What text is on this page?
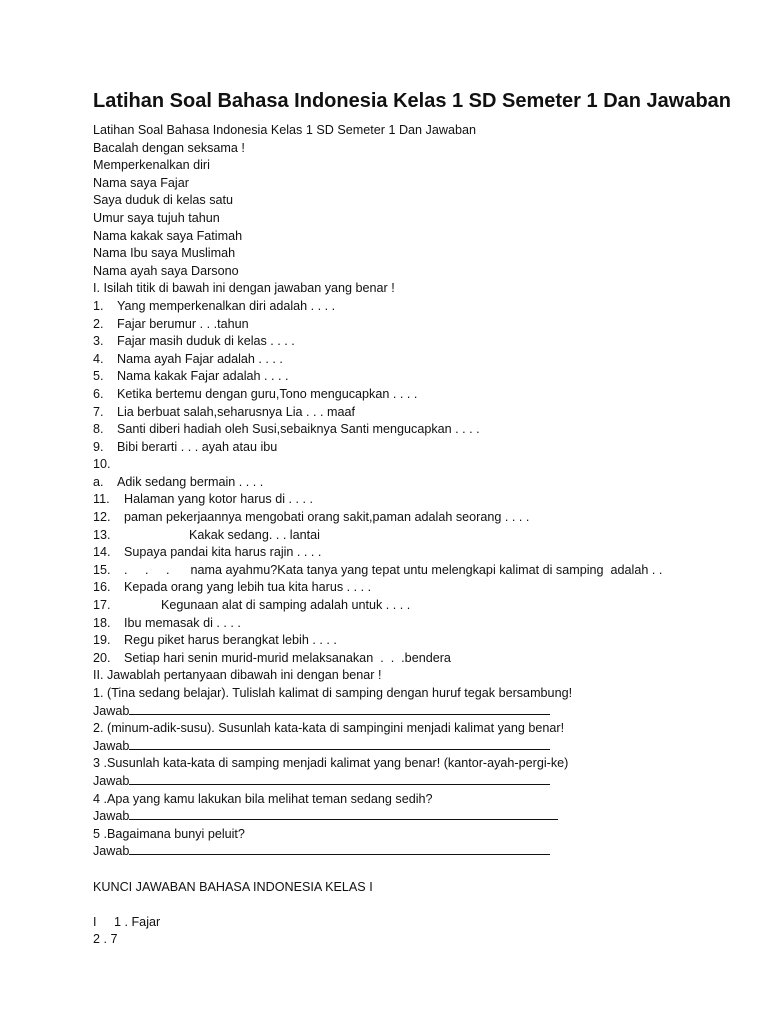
Latihan Soal Bahasa Indonesia Kelas 1 SD Semeter 1 Dan Jawaban
Latihan Soal Bahasa Indonesia Kelas 1 SD Semeter 1 Dan Jawaban
Bacalah dengan seksama !
Memperkenalkan diri
Nama saya Fajar
Saya duduk di kelas satu
Umur saya tujuh tahun
Nama kakak saya Fatimah
Nama Ibu saya Muslimah
Nama ayah saya Darsono
I. Isilah titik di bawah ini dengan jawaban yang benar !
1. Yang memperkenalkan diri adalah . . . .
2. Fajar berumur . . .tahun
3. Fajar masih duduk di kelas . . . .
4. Nama ayah Fajar adalah . . . .
5. Nama kakak Fajar adalah . . . .
6. Ketika bertemu dengan guru,Tono mengucapkan . . . .
7. Lia berbuat salah,seharusnya Lia . . . maaf
8. Santi diberi hadiah oleh Susi,sebaiknya Santi mengucapkan . . . .
9. Bibi berarti . . . ayah atau ibu
10.
a. Adik sedang bermain . . . .
11. Halaman yang kotor harus di . . . .
12. paman pekerjaannya mengobati orang sakit,paman adalah seorang . . . .
13.	Kakak sedang. . . lantai
14. Supaya pandai kita harus rajin . . . .
15. .     .     .      nama ayahmu?Kata tanya yang tepat untu melengkapi kalimat di samping  adalah . .
16. Kepada orang yang lebih tua kita harus . . . .
17.	Kegunaan alat di samping adalah untuk . . . .
18. Ibu memasak di . . . .
19. Regu piket harus berangkat lebih . . . .
20. Setiap hari senin murid-murid melaksanakan  .  .  .bendera
II. Jawablah pertanyaan dibawah ini dengan benar !
1. (Tina sedang belajar). Tulislah kalimat di samping dengan huruf tegak bersambung!
Jawab
2. (minum-adik-susu). Susunlah kata-kata di sampingini menjadi kalimat yang benar!
Jawab
3 .Susunlah kata-kata di samping menjadi kalimat yang benar! (kantor-ayah-pergi-ke)
Jawab
4 .Apa yang kamu lakukan bila melihat teman sedang sedih?
Jawab
5 .Bagaimana bunyi peluit?
Jawab
KUNCI JAWABAN BAHASA INDONESIA KELAS I
I     1 . Fajar
2 . 7
